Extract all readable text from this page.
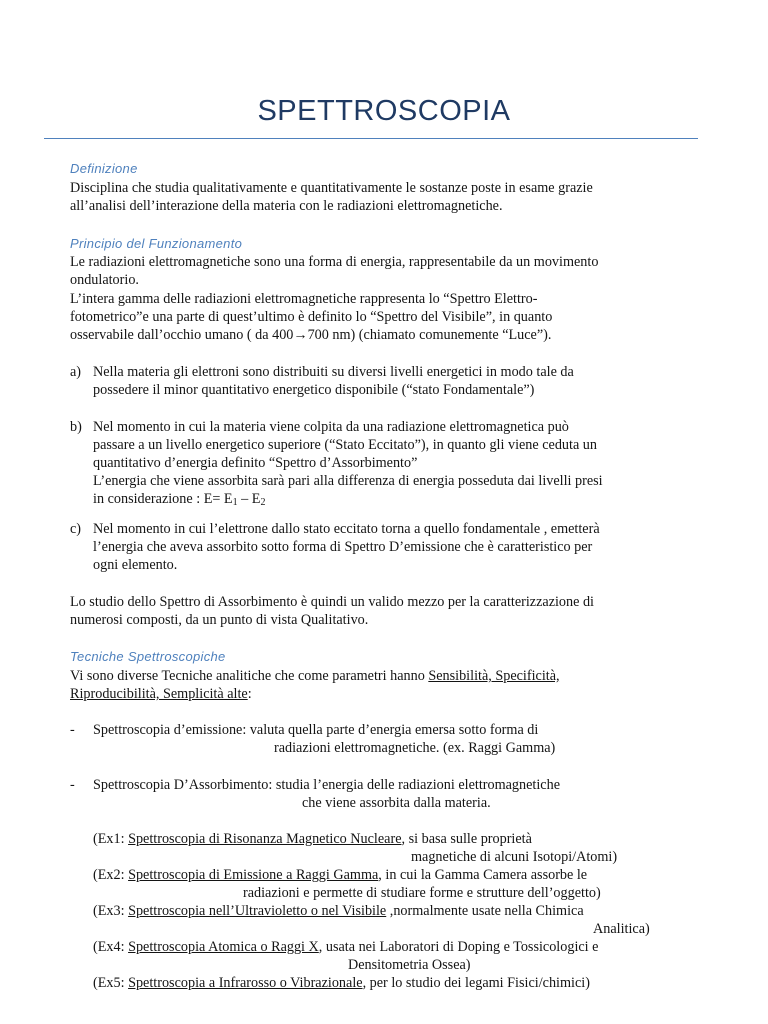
SPETTROSCOPIA
Definizione
Disciplina che studia qualitativamente e quantitativamente le sostanze poste in esame grazie
all’analisi dell’interazione della materia con le radiazioni elettromagnetiche.
Principio del Funzionamento
Le radiazioni elettromagnetiche sono una forma di energia, rappresentabile da un movimento
ondulatorio.
L’intera gamma delle radiazioni elettromagnetiche rappresenta lo “Spettro Elettro-
fotometrico”e una parte di quest’ultimo è definito lo “Spettro del Visibile”, in quanto
osservabile dall’occhio umano ( da 400→700 nm) (chiamato comunemente “Luce”).
a) Nella materia gli elettroni sono distribuiti su diversi livelli energetici in modo tale da
possedere il minor quantitativo energetico disponibile (“stato Fondamentale”)
b) Nel momento in cui la materia viene colpita da una radiazione elettromagnetica può
passare a un livello energetico superiore (“Stato Eccitato”), in quanto gli viene ceduta un
quantitativo d’energia definito “Spettro d’Assorbimento”
L’energia che viene assorbita sarà pari alla differenza di energia posseduta dai livelli presi
in considerazione : $E= E_1 - E_2$
c) Nel momento in cui l’elettrone dallo stato eccitato torna a quello fondamentale , emetterà
l’energia che aveva assorbito sotto forma di Spettro D’emissione che è caratteristico per
ogni elemento.
Lo studio dello Spettro di Assorbimento è quindi un valido mezzo per la caratterizzazione di
numerosi composti, da un punto di vista Qualitativo.
Tecniche Spettroscopiche
Vi sono diverse Tecniche analitiche che come parametri hanno Sensibilità, Specificità,
Riproducibilità, Semplicità alte:
- Spettroscopia d’emissione: valuta quella parte d’energia emersa sotto forma di
radiazioni elettromagnetiche. (ex. Raggi Gamma)
- Spettroscopia D’Assorbimento: studia l’energia delle radiazioni elettromagnetiche
che viene assorbita dalla materia.
(Ex1: Spettroscopia di Risonanza Magnetico Nucleare, si basa sulle proprietà
magnetiche di alcuni Isotopi/Atomi)
(Ex2: Spettroscopia di Emissione a Raggi Gamma, in cui la Gamma Camera assorbe le
radiazioni e permette di studiare forme e strutture dell’oggetto)
(Ex3: Spettroscopia nell’Ultravioletto o nel Visibile ,normalmente usate nella Chimica
Analitica)
(Ex4: Spettroscopia Atomica o Raggi X, usata nei Laboratori di Doping e Tossicologici e
Densitometria Ossea)
(Ex5: Spettroscopia a Infrarosso o Vibrazionale, per lo studio dei legami Fisici/chimici)
